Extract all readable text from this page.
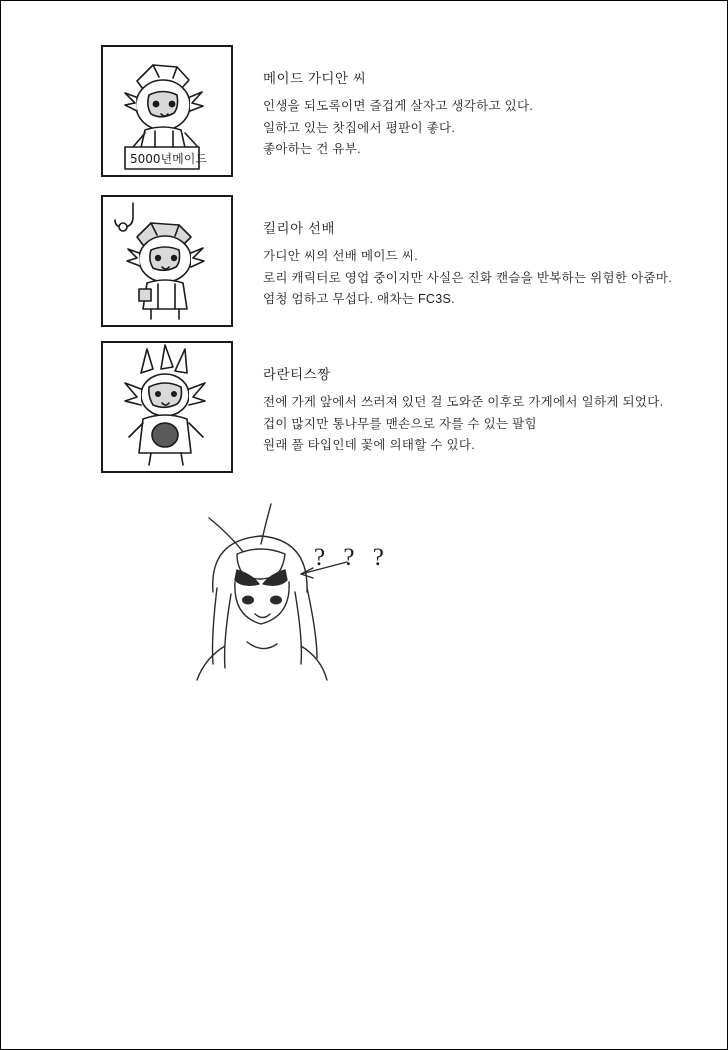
5000년메이드
메이드 가디안 씨
인생을 되도록이면 즐겁게 살자고 생각하고 있다.
일하고 있는 찻집에서 평판이 좋다.
좋아하는 건 유부.
킬리아 선배
가디안 씨의 선배 메이드 씨.
로리 캐릭터로 영업 중이지만 사실은 진화 캔슬을 반복하는 위험한 아줌마.
엄청 엄하고 무섭다. 애차는 FC3S.
라란티스짱
전에 가게 앞에서 쓰러져 있던 걸 도와준 이후로 가게에서 일하게 되었다.
겁이 많지만 통나무를 맨손으로 자를 수 있는 팔힘
원래 풀 타입인데 꽃에 의태할 수 있다.
? ? ?
